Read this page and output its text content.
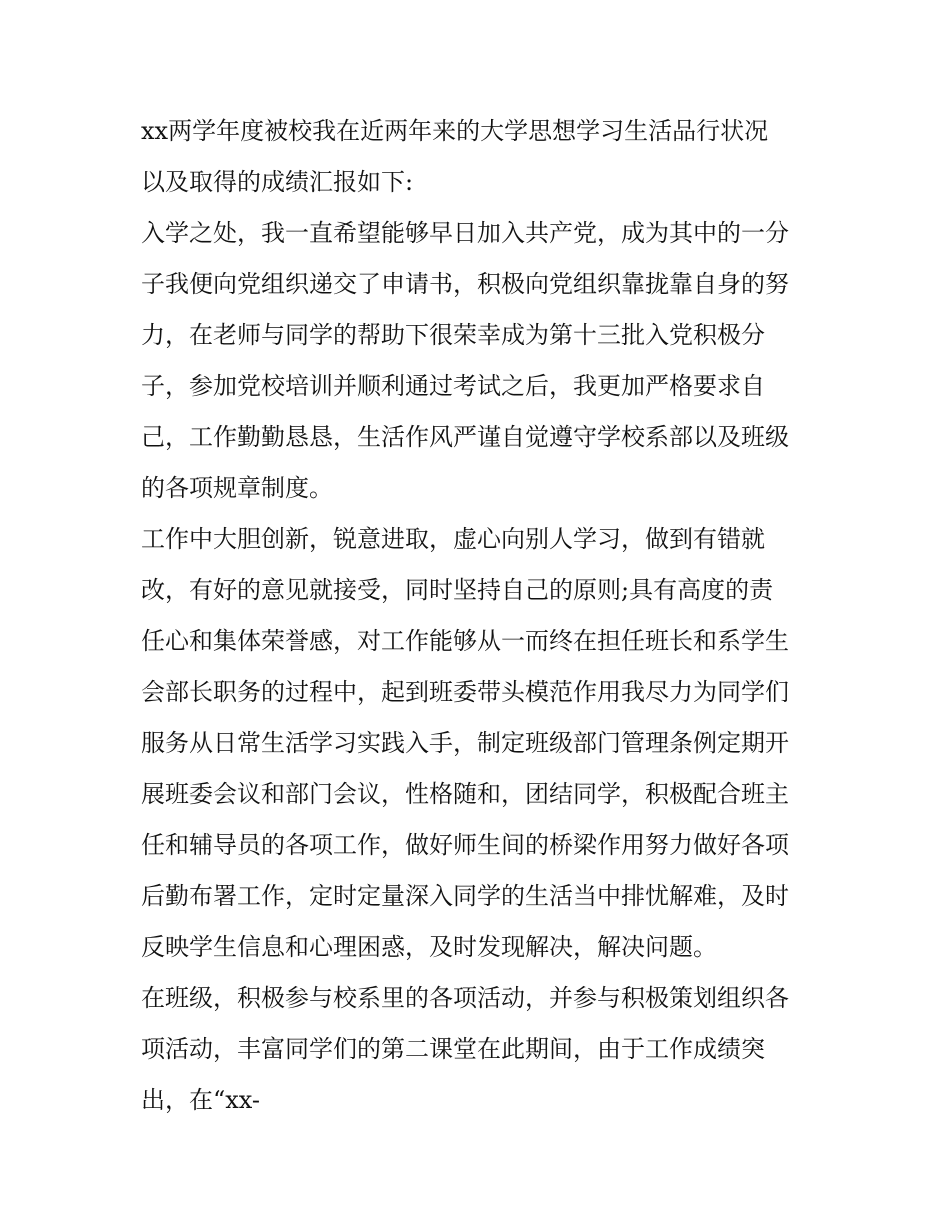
xx两学年度被校我在近两年来的大学思想学习生活品行状况
以及取得的成绩汇报如下:
入学之处，我一直希望能够早日加入共产党，成为其中的一分
子我便向党组织递交了申请书，积极向党组织靠拢靠自身的努
力，在老师与同学的帮助下很荣幸成为第十三批入党积极分
子，参加党校培训并顺利通过考试之后，我更加严格要求自
己，工作勤勤恳恳，生活作风严谨自觉遵守学校系部以及班级
的各项规章制度。
工作中大胆创新，锐意进取，虚心向别人学习，做到有错就
改，有好的意见就接受，同时坚持自己的原则;具有高度的责
任心和集体荣誉感，对工作能够从一而终在担任班长和系学生
会部长职务的过程中，起到班委带头模范作用我尽力为同学们
服务从日常生活学习实践入手，制定班级部门管理条例定期开
展班委会议和部门会议，性格随和，团结同学，积极配合班主
任和辅导员的各项工作，做好师生间的桥梁作用努力做好各项
后勤布署工作，定时定量深入同学的生活当中排忧解难，及时
反映学生信息和心理困惑，及时发现解决，解决问题。
在班级，积极参与校系里的各项活动，并参与积极策划组织各
项活动，丰富同学们的第二课堂在此期间，由于工作成绩突
出，在“xx-
